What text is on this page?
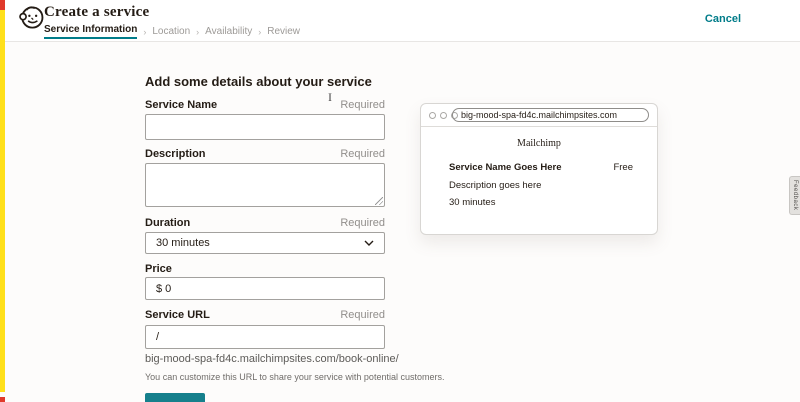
Create a service
Service Information › Location › Availability › Review
Cancel
Add some details about your service
Service Name	Required
Description	Required
I
Duration	Required
30 minutes
Price
$ 0
Service URL	Required
/
big-mood-spa-fd4c.mailchimpsites.com/book-online/
You can customize this URL to share your service with potential customers.
big-mood-spa-fd4c.mailchimpsites.com
Mailchimp
Service Name Goes Here	Free
Description goes here
30 minutes	Feedback
